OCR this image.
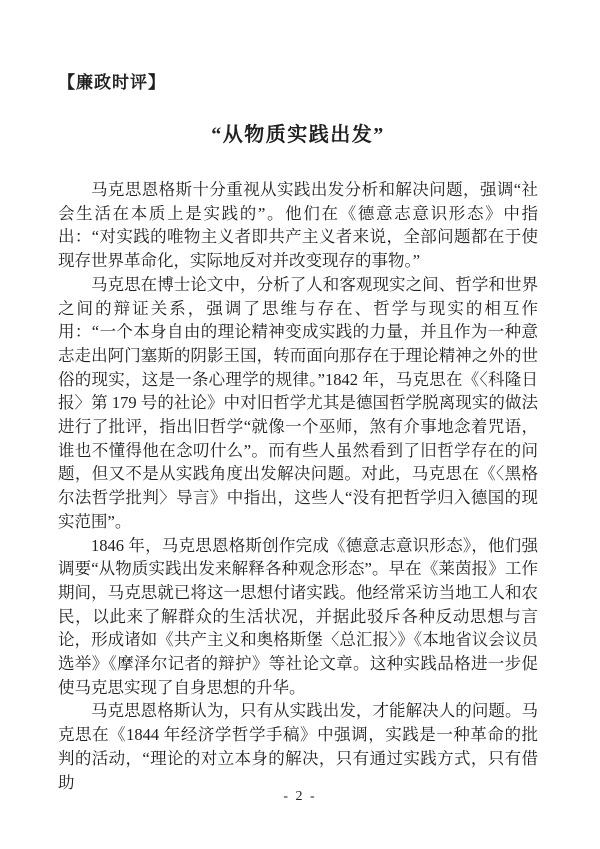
【廉政时评】
“从物质实践出发”

马克思恩格斯十分重视从实践出发分析和解决问题，强调“社会生活在本质上是实践的”。他们在《德意志意识形态》中指出：“对实践的唯物主义者即共产主义者来说，全部问题都在于使现存世界革命化，实际地反对并改变现存的事物。”

马克思在博士论文中，分析了人和客观现实之间、哲学和世界之间的辩证关系，强调了思维与存在、哲学与现实的相互作用：“一个本身自由的理论精神变成实践的力量，并且作为一种意志走出阿门塞斯的阴影王国，转而面向那存在于理论精神之外的世俗的现实，这是一条心理学的规律。”1842 年，马克思在《〈科隆日报〉第 179 号的社论》中对旧哲学尤其是德国哲学脱离现实的做法进行了批评，指出旧哲学“就像一个巫师，煞有介事地念着咒语，谁也不懂得他在念叨什么”。而有些人虽然看到了旧哲学存在的问题，但又不是从实践角度出发解决问题。对此，马克思在《〈黑格尔法哲学批判〉导言》中指出，这些人“没有把哲学归入德国的现实范围”。

1846 年，马克思恩格斯创作完成《德意志意识形态》，他们强调要“从物质实践出发来解释各种观念形态”。早在《莱茵报》工作期间，马克思就已将这一思想付诸实践。他经常采访当地工人和农民，以此来了解群众的生活状况，并据此驳斥各种反动思想与言论，形成诸如《共产主义和奥格斯堡〈总汇报〉》《本地省议会议员选举》《摩泽尔记者的辩护》等社论文章。这种实践品格进一步促使马克思实现了自身思想的升华。

马克思恩格斯认为，只有从实践出发，才能解决人的问题。马克思在《1844 年经济学哲学手稿》中强调，实践是一种革命的批判的活动，“理论的对立本身的解决，只有通过实践方式，只有借助

- 2 -
